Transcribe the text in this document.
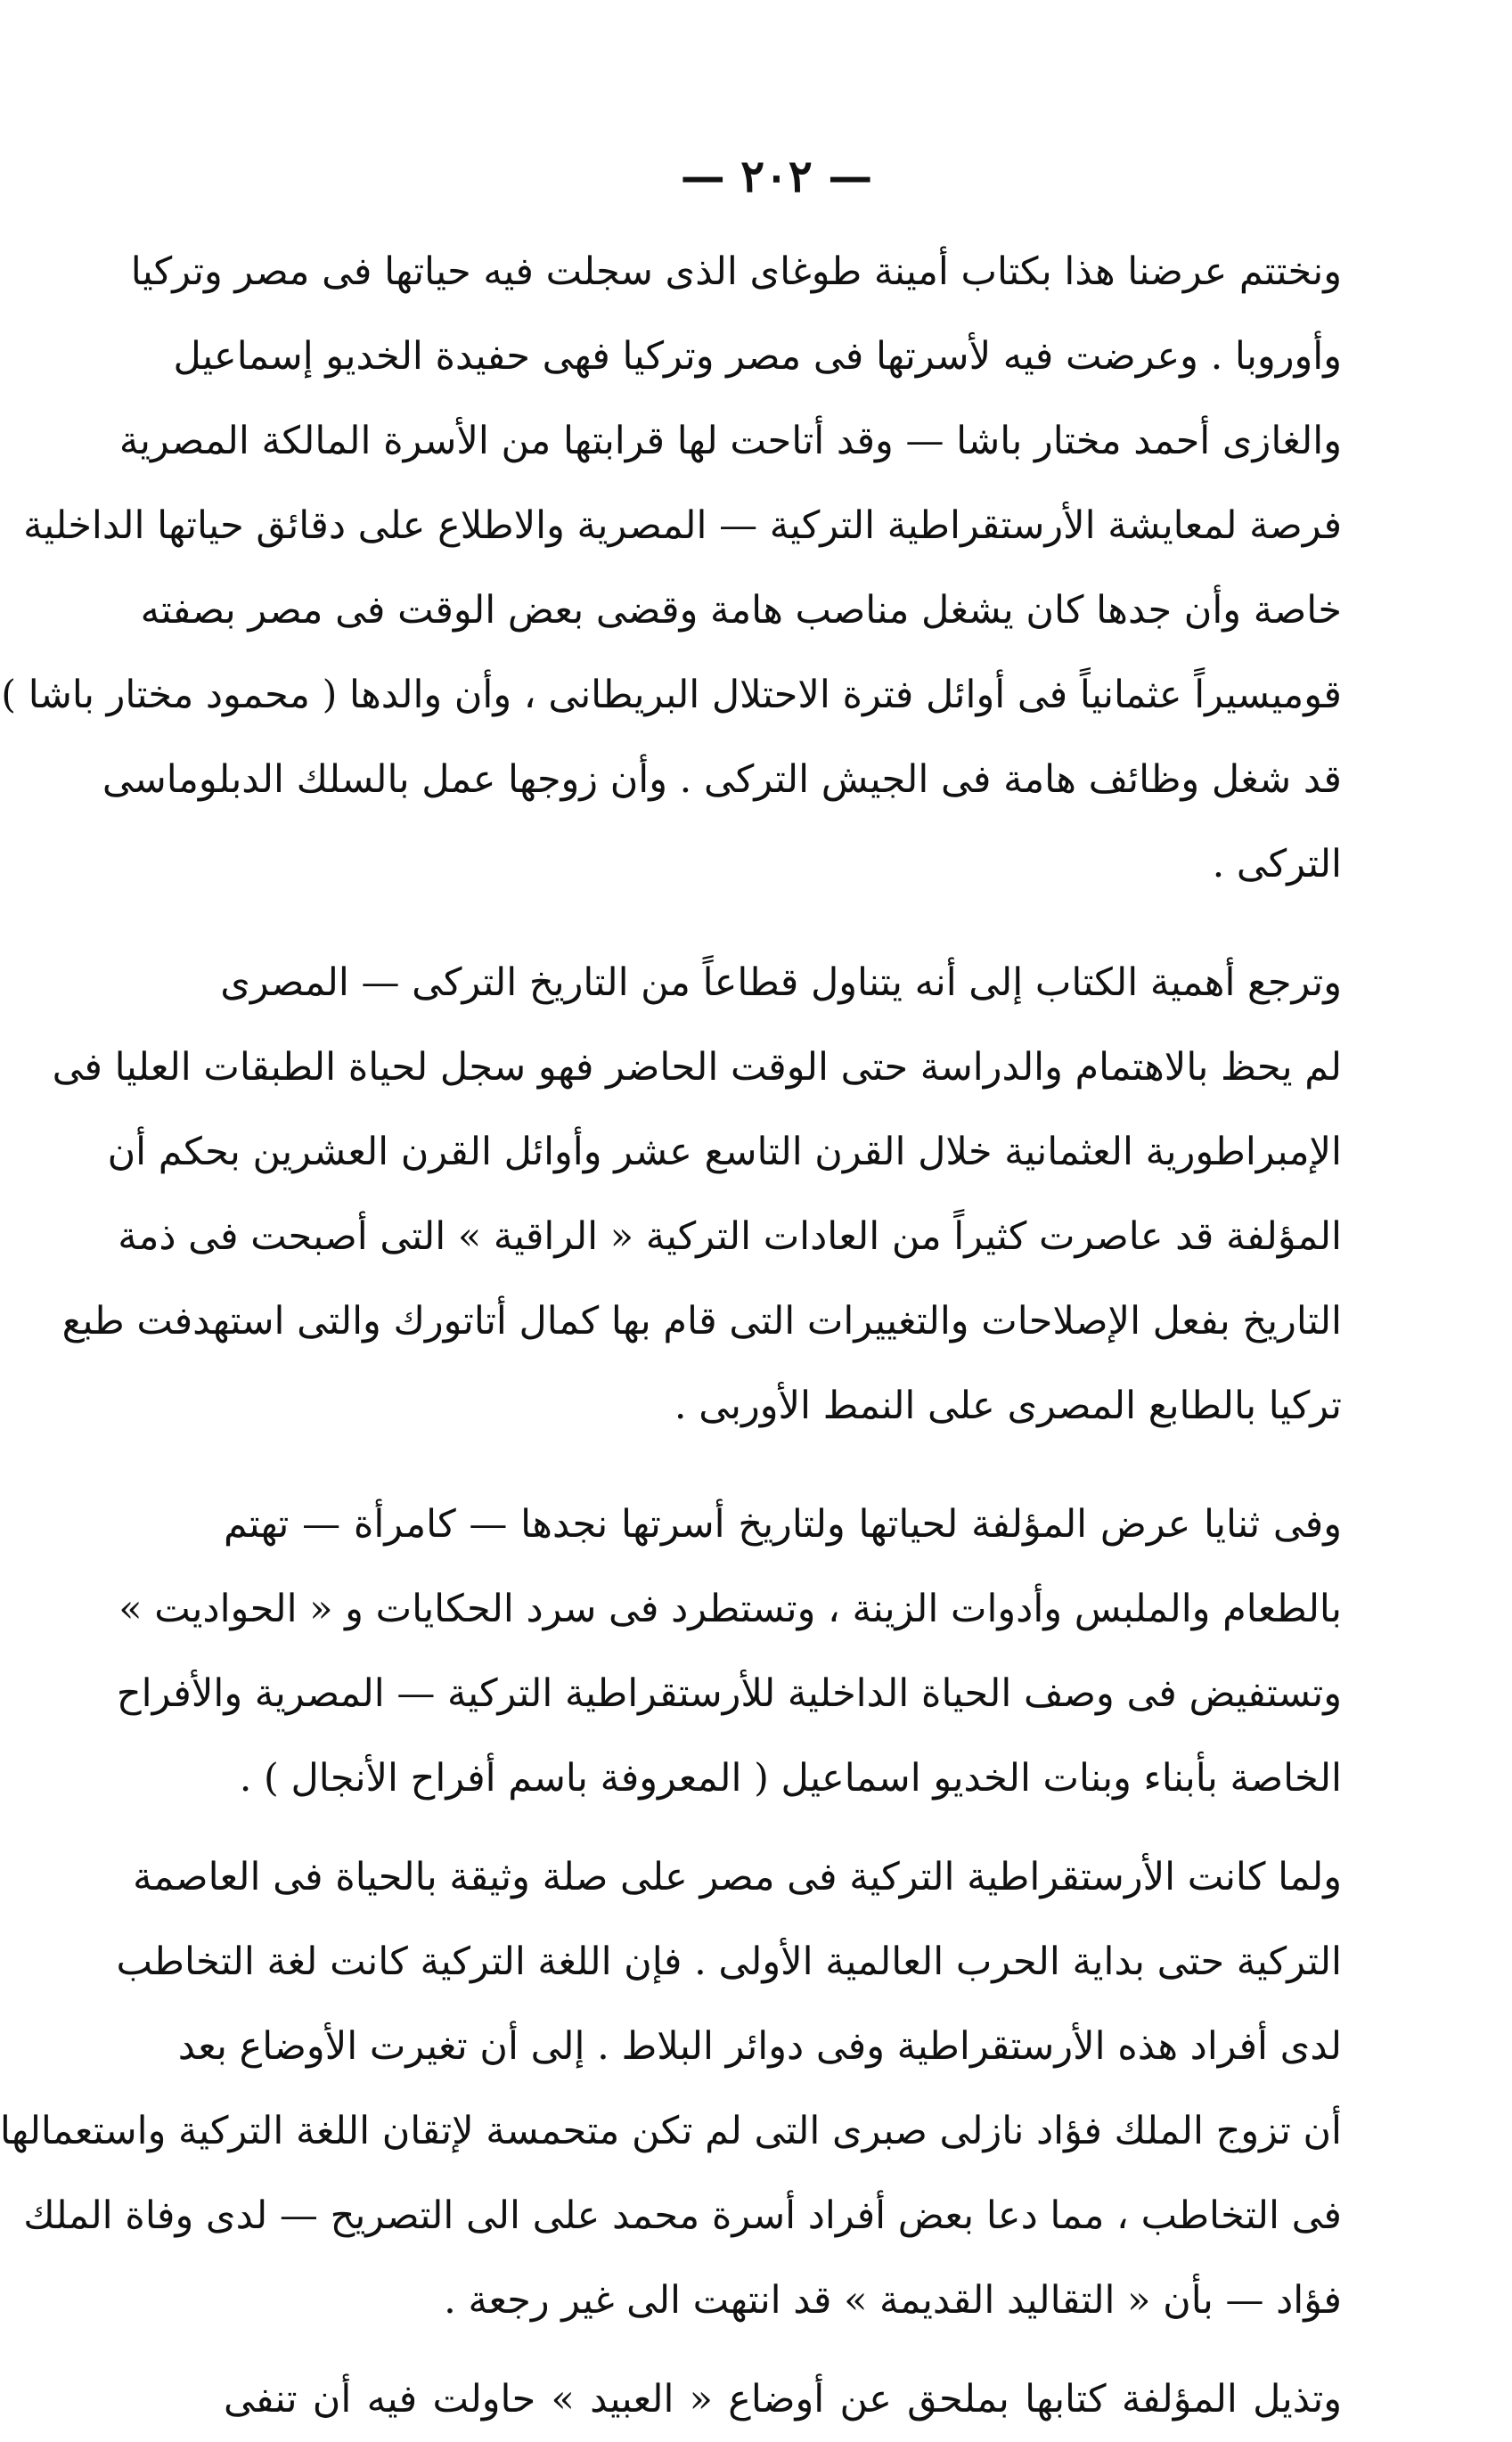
— ٢٠٢ —

ونختتم عرضنا هذا بكتاب أمينة طوغاى الذى سجلت فيه حياتها فى مصر وتركيا
وأوروبا . وعرضت فيه لأسرتها فى مصر وتركيا فهى حفيدة الخديو إسماعيل
والغازى أحمد مختار باشا — وقد أتاحت لها قرابتها من الأسرة المالكة المصرية
فرصة لمعايشة الأرستقراطية التركية — المصرية والاطلاع على دقائق حياتها الداخلية
خاصة وأن جدها كان يشغل مناصب هامة وقضى بعض الوقت فى مصر بصفته
قوميسيراً عثمانياً فى أوائل فترة الاحتلال البريطانى ، وأن والدها ( محمود مختار باشا )
قد شغل وظائف هامة فى الجيش التركى . وأن زوجها عمل بالسلك الدبلوماسى
التركى .

وترجع أهمية الكتاب إلى أنه يتناول قطاعاً من التاريخ التركى — المصرى
لم يحظ بالاهتمام والدراسة حتى الوقت الحاضر فهو سجل لحياة الطبقات العليا فى
الإمبراطورية العثمانية خلال القرن التاسع عشر وأوائل القرن العشرين بحكم أن
المؤلفة قد عاصرت كثيراً من العادات التركية « الراقية » التى أصبحت فى ذمة
التاريخ بفعل الإصلاحات والتغييرات التى قام بها كمال أتاتورك والتى استهدفت طبع
تركيا بالطابع المصرى على النمط الأوربى .

وفى ثنايا عرض المؤلفة لحياتها ولتاريخ أسرتها نجدها — كامرأة — تهتم
بالطعام والملبس وأدوات الزينة ، وتستطرد فى سرد الحكايات و « الحواديت »
وتستفيض فى وصف الحياة الداخلية للأرستقراطية التركية — المصرية والأفراح
الخاصة بأبناء وبنات الخديو اسماعيل ( المعروفة باسم أفراح الأنجال ) .

ولما كانت الأرستقراطية التركية فى مصر على صلة وثيقة بالحياة فى العاصمة
التركية حتى بداية الحرب العالمية الأولى . فإن اللغة التركية كانت لغة التخاطب
لدى أفراد هذه الأرستقراطية وفى دوائر البلاط . إلى أن تغيرت الأوضاع بعد
أن تزوج الملك فؤاد نازلى صبرى التى لم تكن متحمسة لإتقان اللغة التركية واستعمالها
فى التخاطب ، مما دعا بعض أفراد أسرة محمد على الى التصريح — لدى وفاة الملك
فؤاد — بأن « التقاليد القديمة » قد انتهت الى غير رجعة .

وتذيل المؤلفة كتابها بملحق عن أوضاع « العبيد » حاولت فيه أن تنفى
